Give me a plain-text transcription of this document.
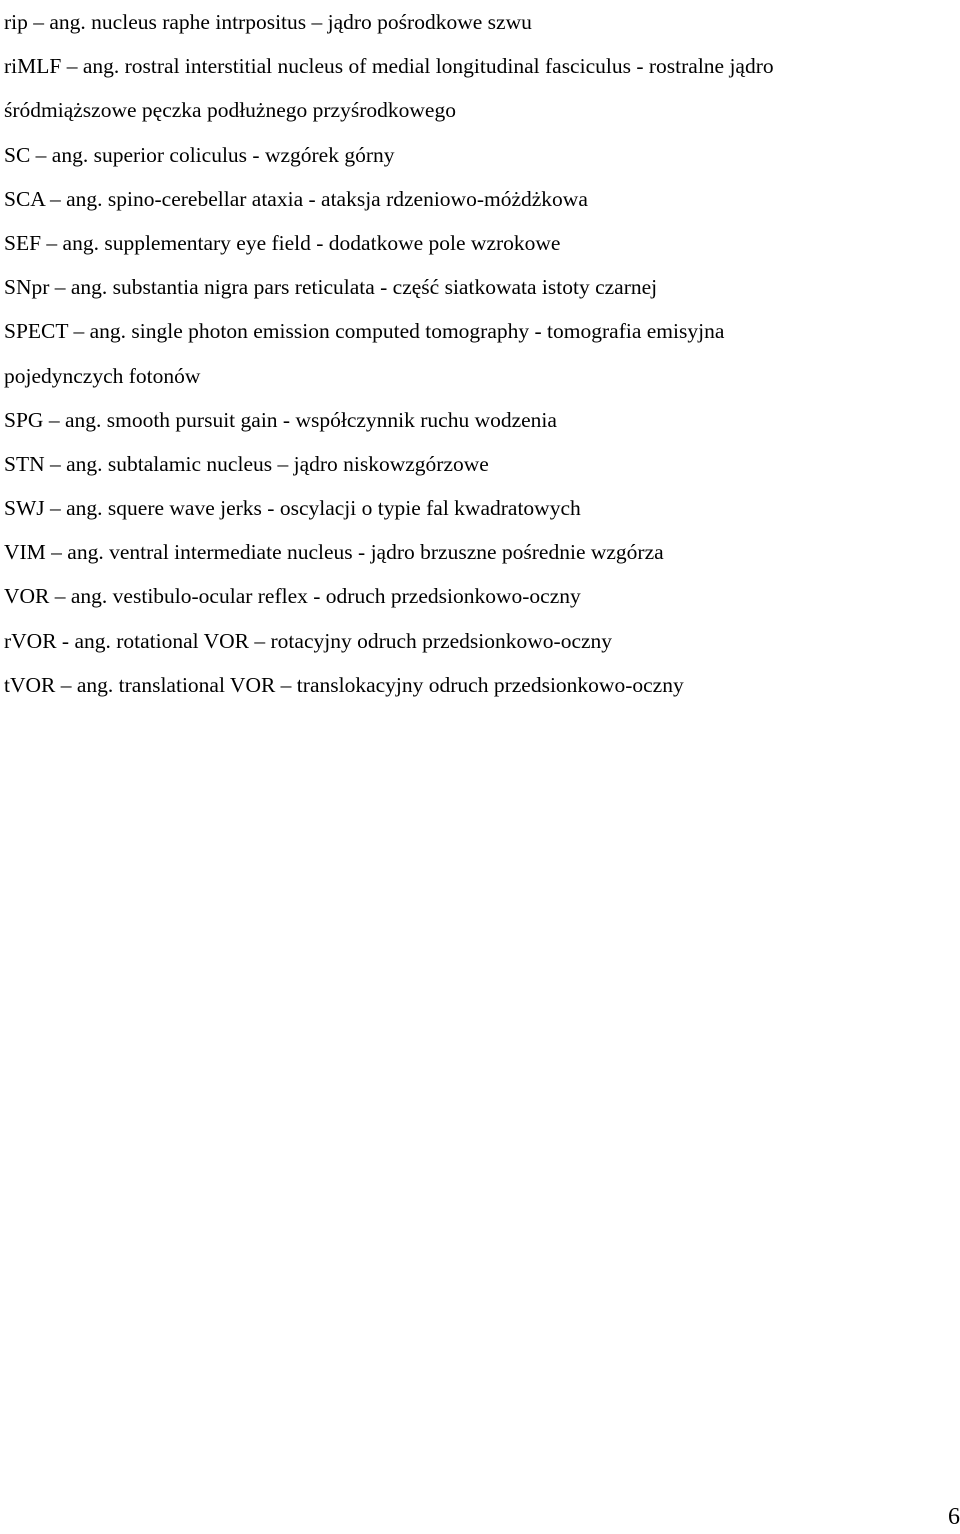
rip – ang. nucleus raphe intrpositus – jądro pośrodkowe szwu
riMLF – ang. rostral interstitial nucleus of medial longitudinal fasciculus - rostralne jądro
śródmiąższowe pęczka podłużnego przyśrodkowego
SC – ang. superior coliculus - wzgórek górny
SCA – ang. spino-cerebellar ataxia - ataksja rdzeniowo-móżdżkowa
SEF – ang. supplementary eye field - dodatkowe pole wzrokowe
SNpr – ang. substantia nigra pars reticulata - część siatkowata istoty czarnej
SPECT – ang. single photon emission computed tomography - tomografia emisyjna
pojedynczych fotonów
SPG – ang. smooth pursuit gain - współczynnik ruchu wodzenia
STN – ang. subtalamic nucleus – jądro niskowzgórzowe
SWJ – ang. squere wave jerks - oscylacji o typie fal kwadratowych
VIM – ang. ventral intermediate nucleus - jądro brzuszne pośrednie wzgórza
VOR – ang. vestibulo-ocular reflex - odruch przedsionkowo-oczny
rVOR - ang. rotational VOR – rotacyjny odruch przedsionkowo-oczny
tVOR – ang. translational VOR – translokacyjny odruch przedsionkowo-oczny
6
